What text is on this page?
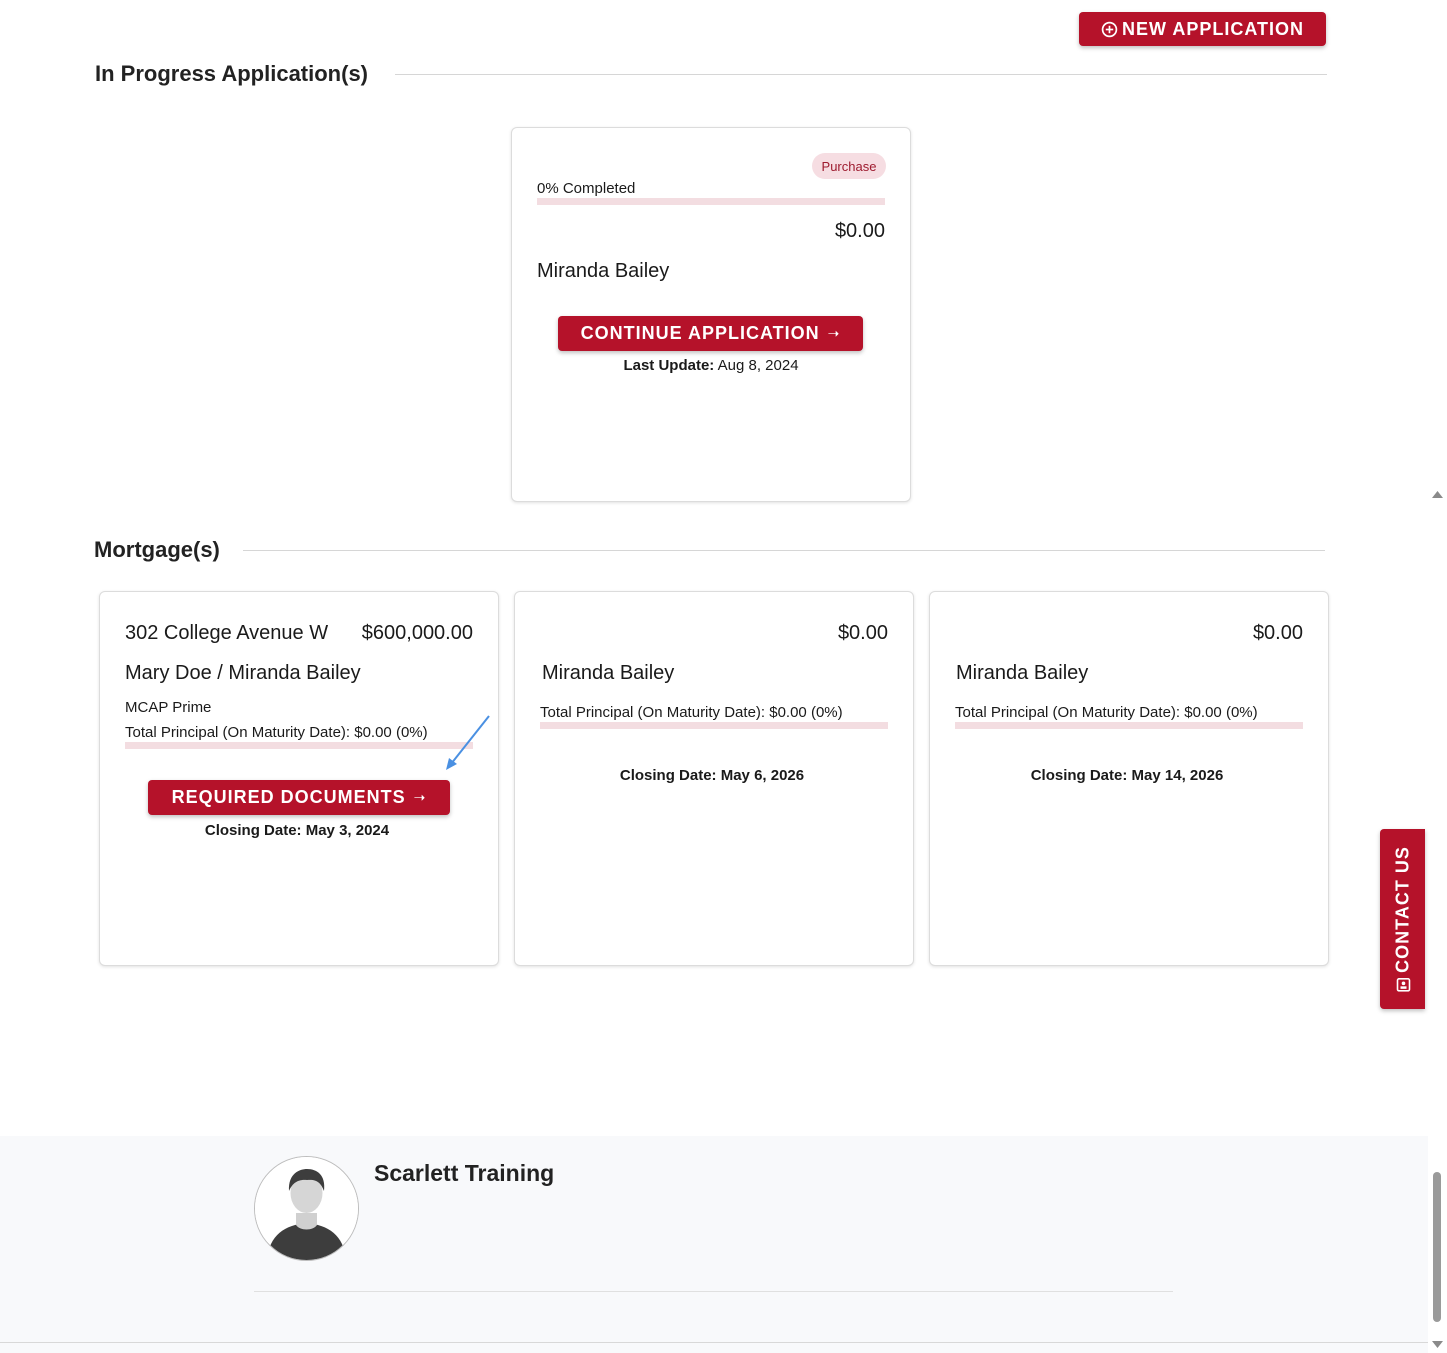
NEW APPLICATION
In Progress Application(s)
Purchase
0% Completed
$0.00
Miranda Bailey
CONTINUE APPLICATION ➝
Last Update: Aug 8, 2024
Mortgage(s)
302 College Avenue W $600,000.00
Mary Doe / Miranda Bailey
MCAP Prime
Total Principal (On Maturity Date): $0.00 (0%)
REQUIRED DOCUMENTS ➝
Closing Date: May 3, 2024
$0.00
Miranda Bailey
Total Principal (On Maturity Date): $0.00 (0%)
Closing Date: May 6, 2026
$0.00
Miranda Bailey
Total Principal (On Maturity Date): $0.00 (0%)
Closing Date: May 14, 2026
CONTACT US
Scarlett Training
